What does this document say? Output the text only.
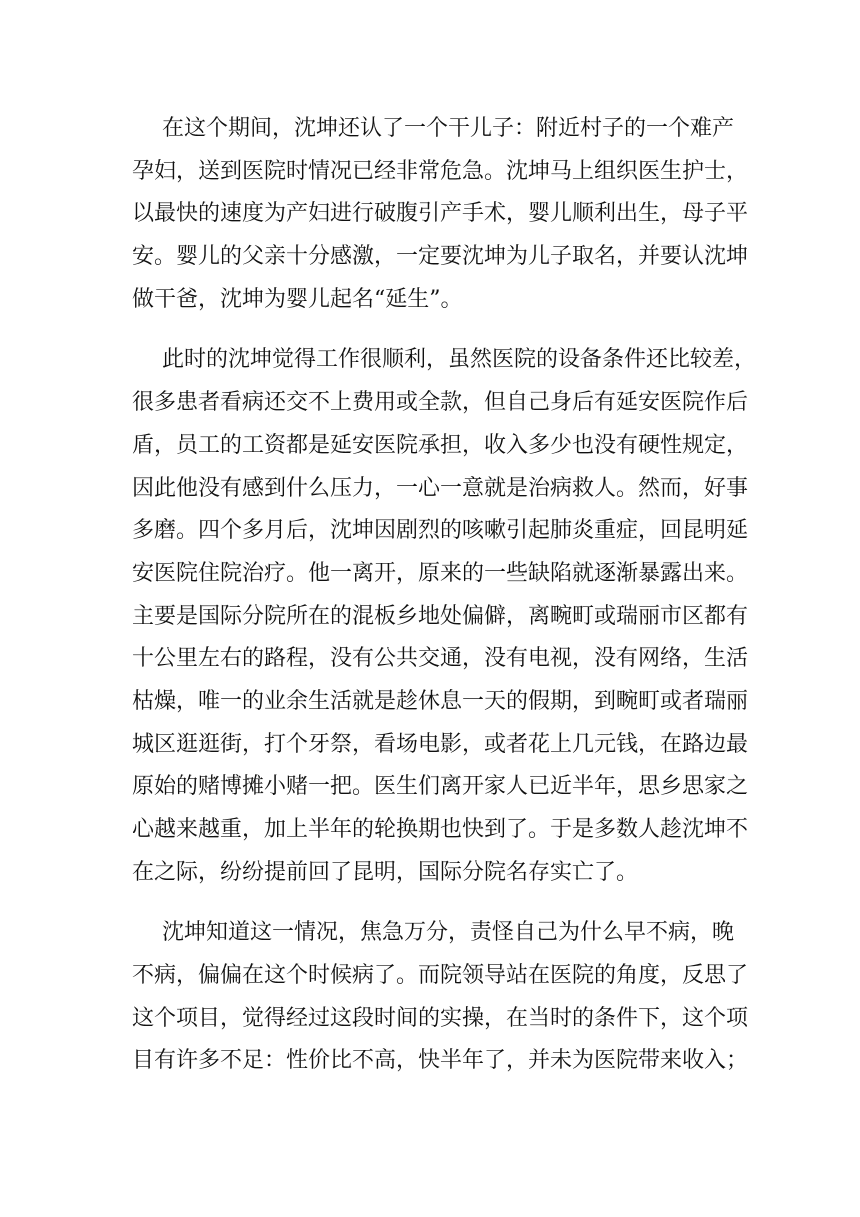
在这个期间，沈坤还认了一个干儿子：附近村子的一个难产
孕妇，送到医院时情况已经非常危急。沈坤马上组织医生护士，
以最快的速度为产妇进行破腹引产手术，婴儿顺利出生，母子平
安。婴儿的父亲十分感激，一定要沈坤为儿子取名，并要认沈坤
做干爸，沈坤为婴儿起名“延生”。
此时的沈坤觉得工作很顺利，虽然医院的设备条件还比较差，
很多患者看病还交不上费用或全款，但自己身后有延安医院作后
盾，员工的工资都是延安医院承担，收入多少也没有硬性规定，
因此他没有感到什么压力，一心一意就是治病救人。然而，好事
多磨。四个多月后，沈坤因剧烈的咳嗽引起肺炎重症，回昆明延
安医院住院治疗。他一离开，原来的一些缺陷就逐渐暴露出来。
主要是国际分院所在的混板乡地处偏僻，离畹町或瑞丽市区都有
十公里左右的路程，没有公共交通，没有电视，没有网络，生活
枯燥，唯一的业余生活就是趁休息一天的假期，到畹町或者瑞丽
城区逛逛街，打个牙祭，看场电影，或者花上几元钱，在路边最
原始的赌博摊小赌一把。医生们离开家人已近半年，思乡思家之
心越来越重，加上半年的轮换期也快到了。于是多数人趁沈坤不
在之际，纷纷提前回了昆明，国际分院名存实亡了。
沈坤知道这一情况，焦急万分，责怪自己为什么早不病，晚
不病，偏偏在这个时候病了。而院领导站在医院的角度，反思了
这个项目，觉得经过这段时间的实操，在当时的条件下，这个项
目有许多不足：性价比不高，快半年了，并未为医院带来收入；
